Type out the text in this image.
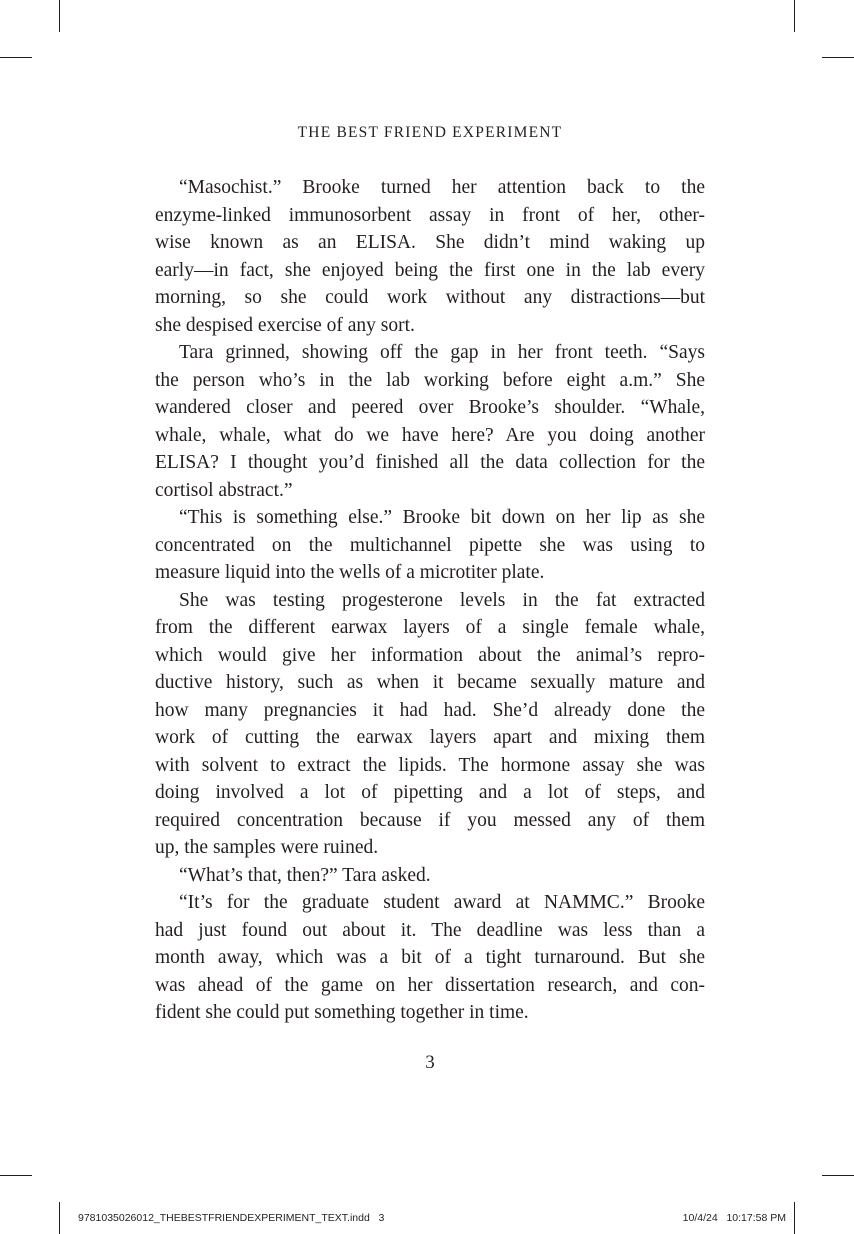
THE BEST FRIEND EXPERIMENT
“Masochist.” Brooke turned her attention back to the
enzyme-linked immunosorbent assay in front of her, other-
wise known as an ELISA. She didn’t mind waking up
early—in fact, she enjoyed being the first one in the lab every
morning, so she could work without any distractions—but
she despised exercise of any sort.
Tara grinned, showing off the gap in her front teeth. “Says
the person who’s in the lab working before eight a.m.” She
wandered closer and peered over Brooke’s shoulder. “Whale,
whale, whale, what do we have here? Are you doing another
ELISA? I thought you’d finished all the data collection for the
cortisol abstract.”
“This is something else.” Brooke bit down on her lip as she
concentrated on the multichannel pipette she was using to
measure liquid into the wells of a microtiter plate.
She was testing progesterone levels in the fat extracted
from the different earwax layers of a single female whale,
which would give her information about the animal’s repro-
ductive history, such as when it became sexually mature and
how many pregnancies it had had. She’d already done the
work of cutting the earwax layers apart and mixing them
with solvent to extract the lipids. The hormone assay she was
doing involved a lot of pipetting and a lot of steps, and
required concentration because if you messed any of them
up, the samples were ruined.
“What’s that, then?” Tara asked.
“It’s for the graduate student award at NAMMC.” Brooke
had just found out about it. The deadline was less than a
month away, which was a bit of a tight turnaround. But she
was ahead of the game on her dissertation research, and con-
fident she could put something together in time.
3
9781035026012_THEBESTFRIENDEXPERIMENT_TEXT.indd   3	10/4/24   10:17:58 PM
